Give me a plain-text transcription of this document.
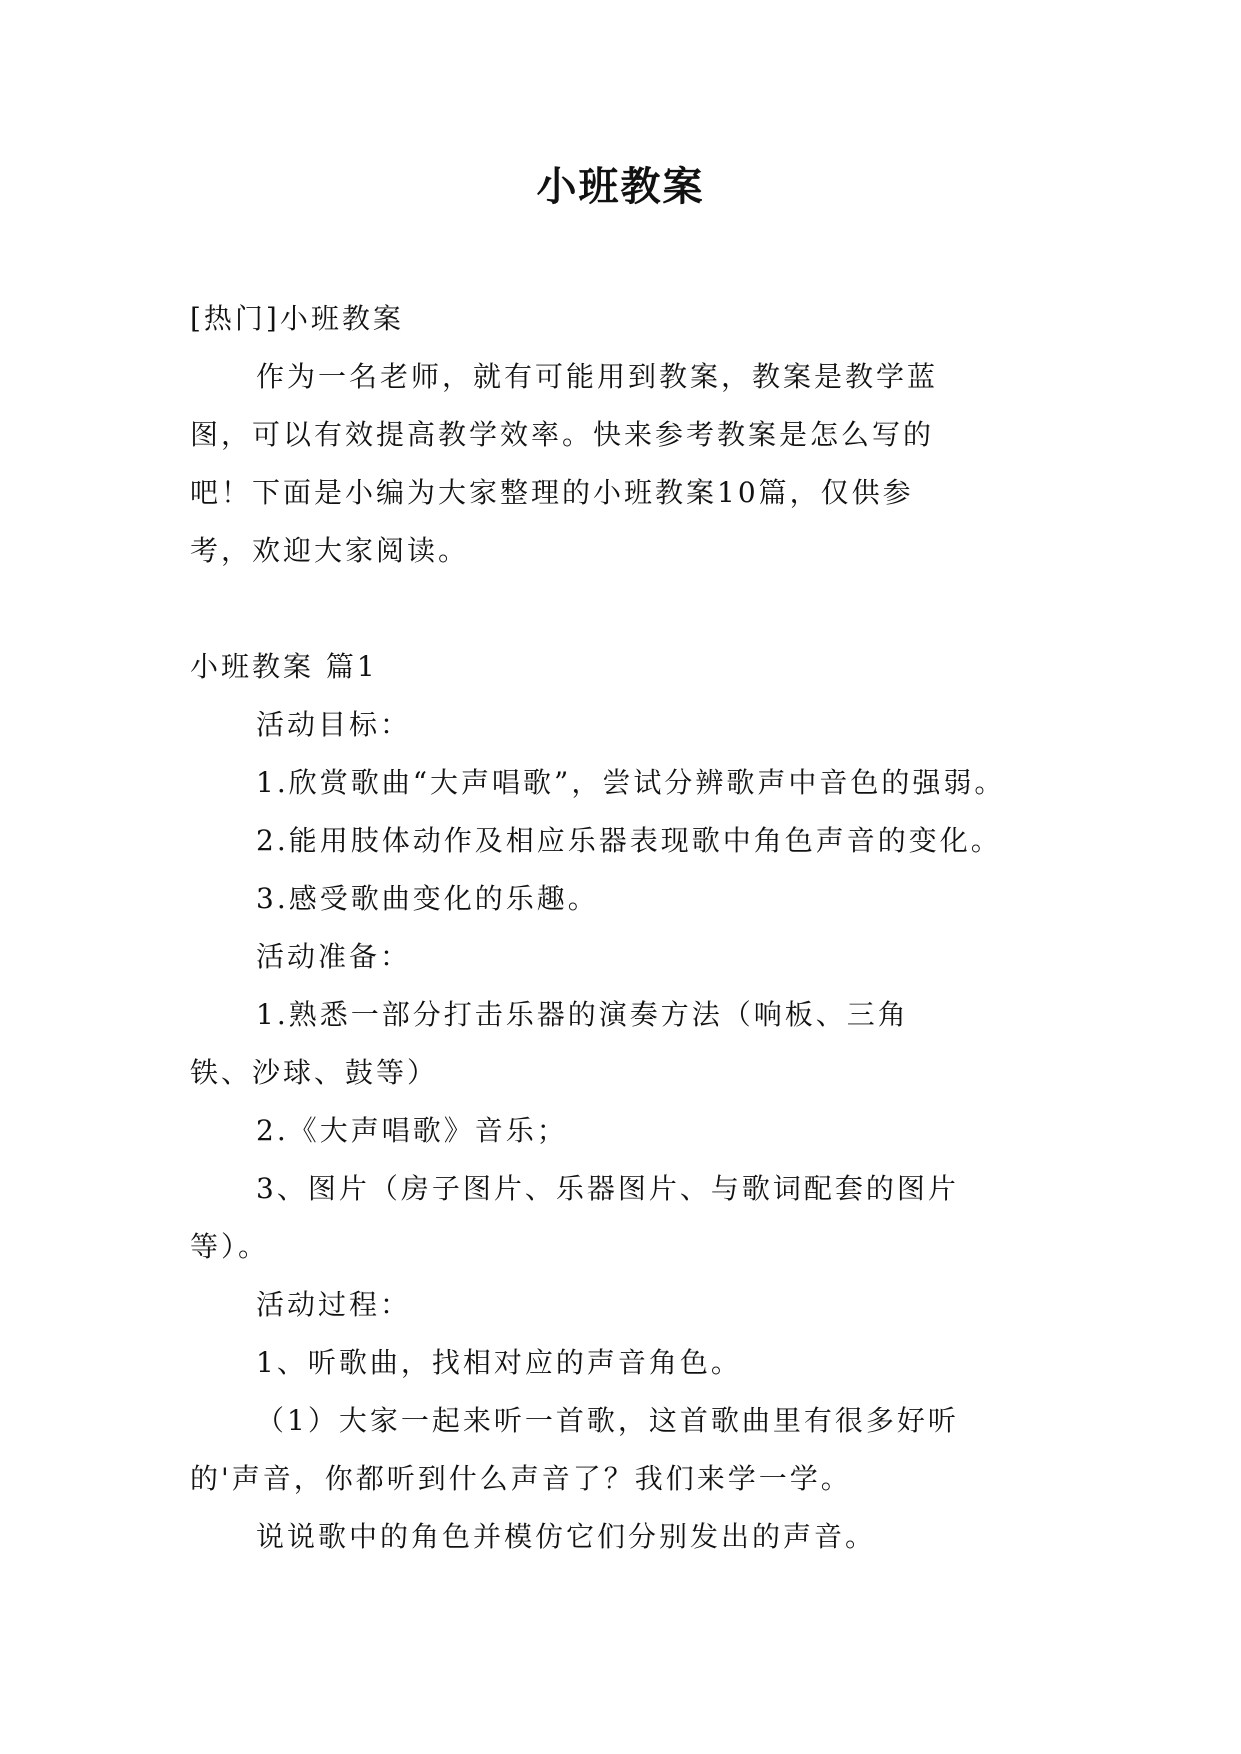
小班教案
[热门]小班教案
作为一名老师，就有可能用到教案，教案是教学蓝图，可以有效提高教学效率。快来参考教案是怎么写的吧！下面是小编为大家整理的小班教案10篇，仅供参考，欢迎大家阅读。
小班教案 篇1
活动目标：
1.欣赏歌曲“大声唱歌”，尝试分辨歌声中音色的强弱。
2.能用肢体动作及相应乐器表现歌中角色声音的变化。
3.感受歌曲变化的乐趣。
活动准备：
1.熟悉一部分打击乐器的演奏方法（响板、三角铁、沙球、鼓等）
2.《大声唱歌》音乐；
3、图片（房子图片、乐器图片、与歌词配套的图片等）。
活动过程：
1、听歌曲，找相对应的声音角色。
（1）大家一起来听一首歌，这首歌曲里有很多好听的'声音，你都听到什么声音了？我们来学一学。
说说歌中的角色并模仿它们分别发出的声音。
